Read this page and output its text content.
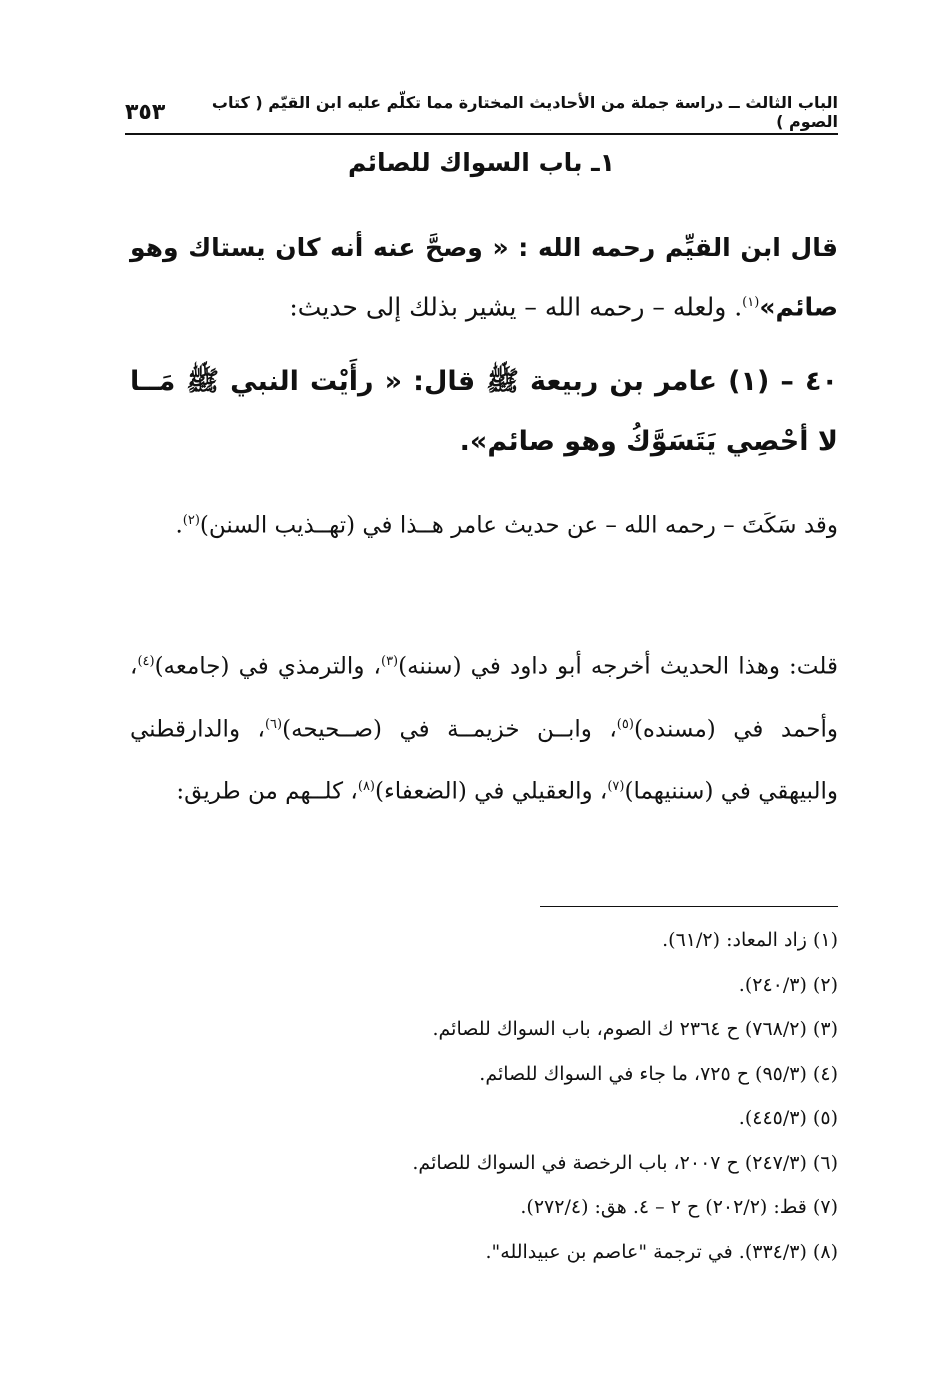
الباب الثالث ــ دراسة جملة من الأحاديث المختارة مما تكلّم عليه ابن القيّم ( كتاب الصوم )
٣٥٣
١ـ باب السواك للصائم

قال ابن القيِّم رحمه الله : « وصحَّ عنه أنه كان يستاك وهو صائم»$^{(١)}$. ولعله – رحمه الله – يشير بذلك إلى حديث:

٤٠ – (١) عامر بن ربيعة ﷺ قال: « رأَيْت النبي ﷺ مَــا لا أحْصِي يَتَسَوَّكُ وهو صائم».

وقد سَكَتَ – رحمه الله – عن حديث عامر هــذا في (تهــذيب السنن)$^{(٢)}$.

قلت: وهذا الحديث أخرجه أبو داود في (سننه)$^{(٣)}$، والترمذي في (جامعه)$^{(٤)}$، وأحمد في (مسنده)$^{(٥)}$، وابــن خزيمــة في (صــحيحه)$^{(٦)}$، والدارقطني والبيهقي في (سننيهما)$^{(٧)}$، والعقيلي في (الضعفاء)$^{(٨)}$، كلــهم من طريق:

(١) زاد المعاد: (٦١/٢).
(٢) (٢٤٠/٣).
(٣) (٧٦٨/٢) ح ٢٣٦٤ ك الصوم، باب السواك للصائم.
(٤) (٩٥/٣) ح ٧٢٥، ما جاء في السواك للصائم.
(٥) (٤٤٥/٣).
(٦) (٢٤٧/٣) ح ٢٠٠٧، باب الرخصة في السواك للصائم.
(٧) قط: (٢٠٢/٢) ح ٢ – ٤. هق: (٢٧٢/٤).
(٨) (٣٣٤/٣). في ترجمة "عاصم بن عبيدالله".
